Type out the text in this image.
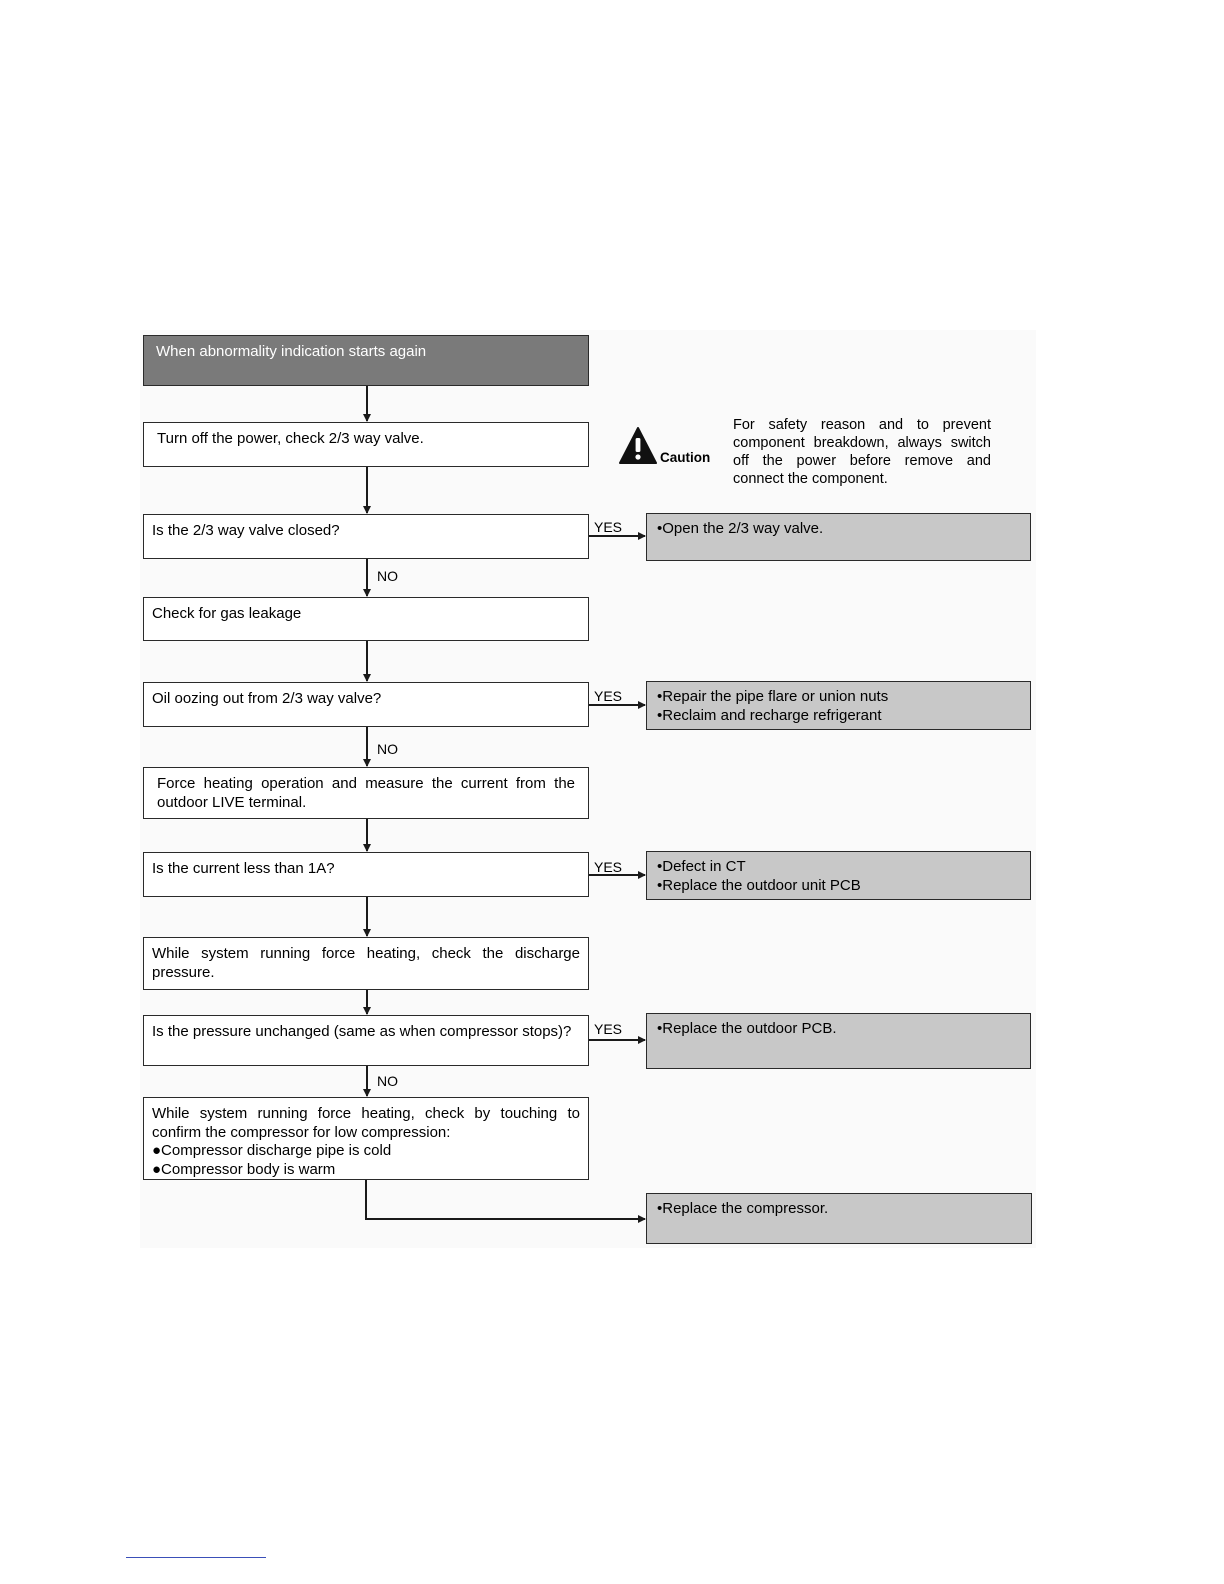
When abnormality indication starts again
Turn off the power, check 2/3 way valve.
Is the 2/3 way valve closed?
Check for gas leakage
Oil oozing out from 2/3 way valve?
Force heating operation and measure the current from the outdoor LIVE terminal.
Is the current less than 1A?
While system running force heating, check the discharge pressure.
Is the pressure unchanged (same as when compressor stops)?
While system running force heating, check by touching to confirm the compressor for low compression:
●Compressor discharge pipe is cold
●Compressor body is warm
•Open the 2/3 way valve.
•Repair the pipe flare or union nuts
•Reclaim and recharge refrigerant
•Defect in CT
•Replace the outdoor unit PCB
•Replace the outdoor PCB.
•Replace the compressor.
YES
NO
YES
NO
YES
YES
NO
Caution
For safety reason and to prevent component breakdown, always switch off the power before remove and connect the component.
